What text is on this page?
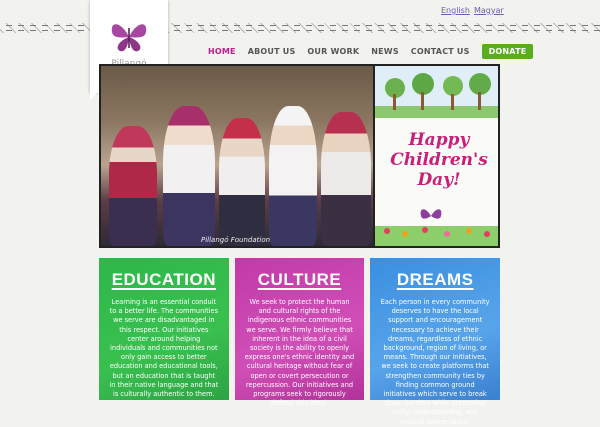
English Magyar
HOME ABOUT US OUR WORK NEWS CONTACT US	DONATE
Pillangó Foundation
Happy
Children's
Day!
EDUCATION

Learning is an essential conduit to a better life. The communities we serve are disadvantaged in this respect. Our initiatives center around helping individuals and communities not only gain access to better education and educational tools, but an education that is taught in their native language and that is culturally authentic to them.

CULTURE

We seek to protect the human and cultural rights of the indigenous ethnic communities we serve. We firmly believe that inherent in the idea of a civil society is the ability to openly express one's ethnic identity and cultural heritage without fear of open or covert persecution or repercussion. Our initiatives and programs seek to rigorously defend this ideal.

DREAMS

Each person in every community deserves to have the local support and encouragement necessary to achieve their dreams, regardless of ethnic background, region of living, or means. Through our initiatives, we seek to create platforms that strengthen community ties by finding common ground initiatives which serve to break down barriers while promoting unity, understanding, and mutual appreciation.
